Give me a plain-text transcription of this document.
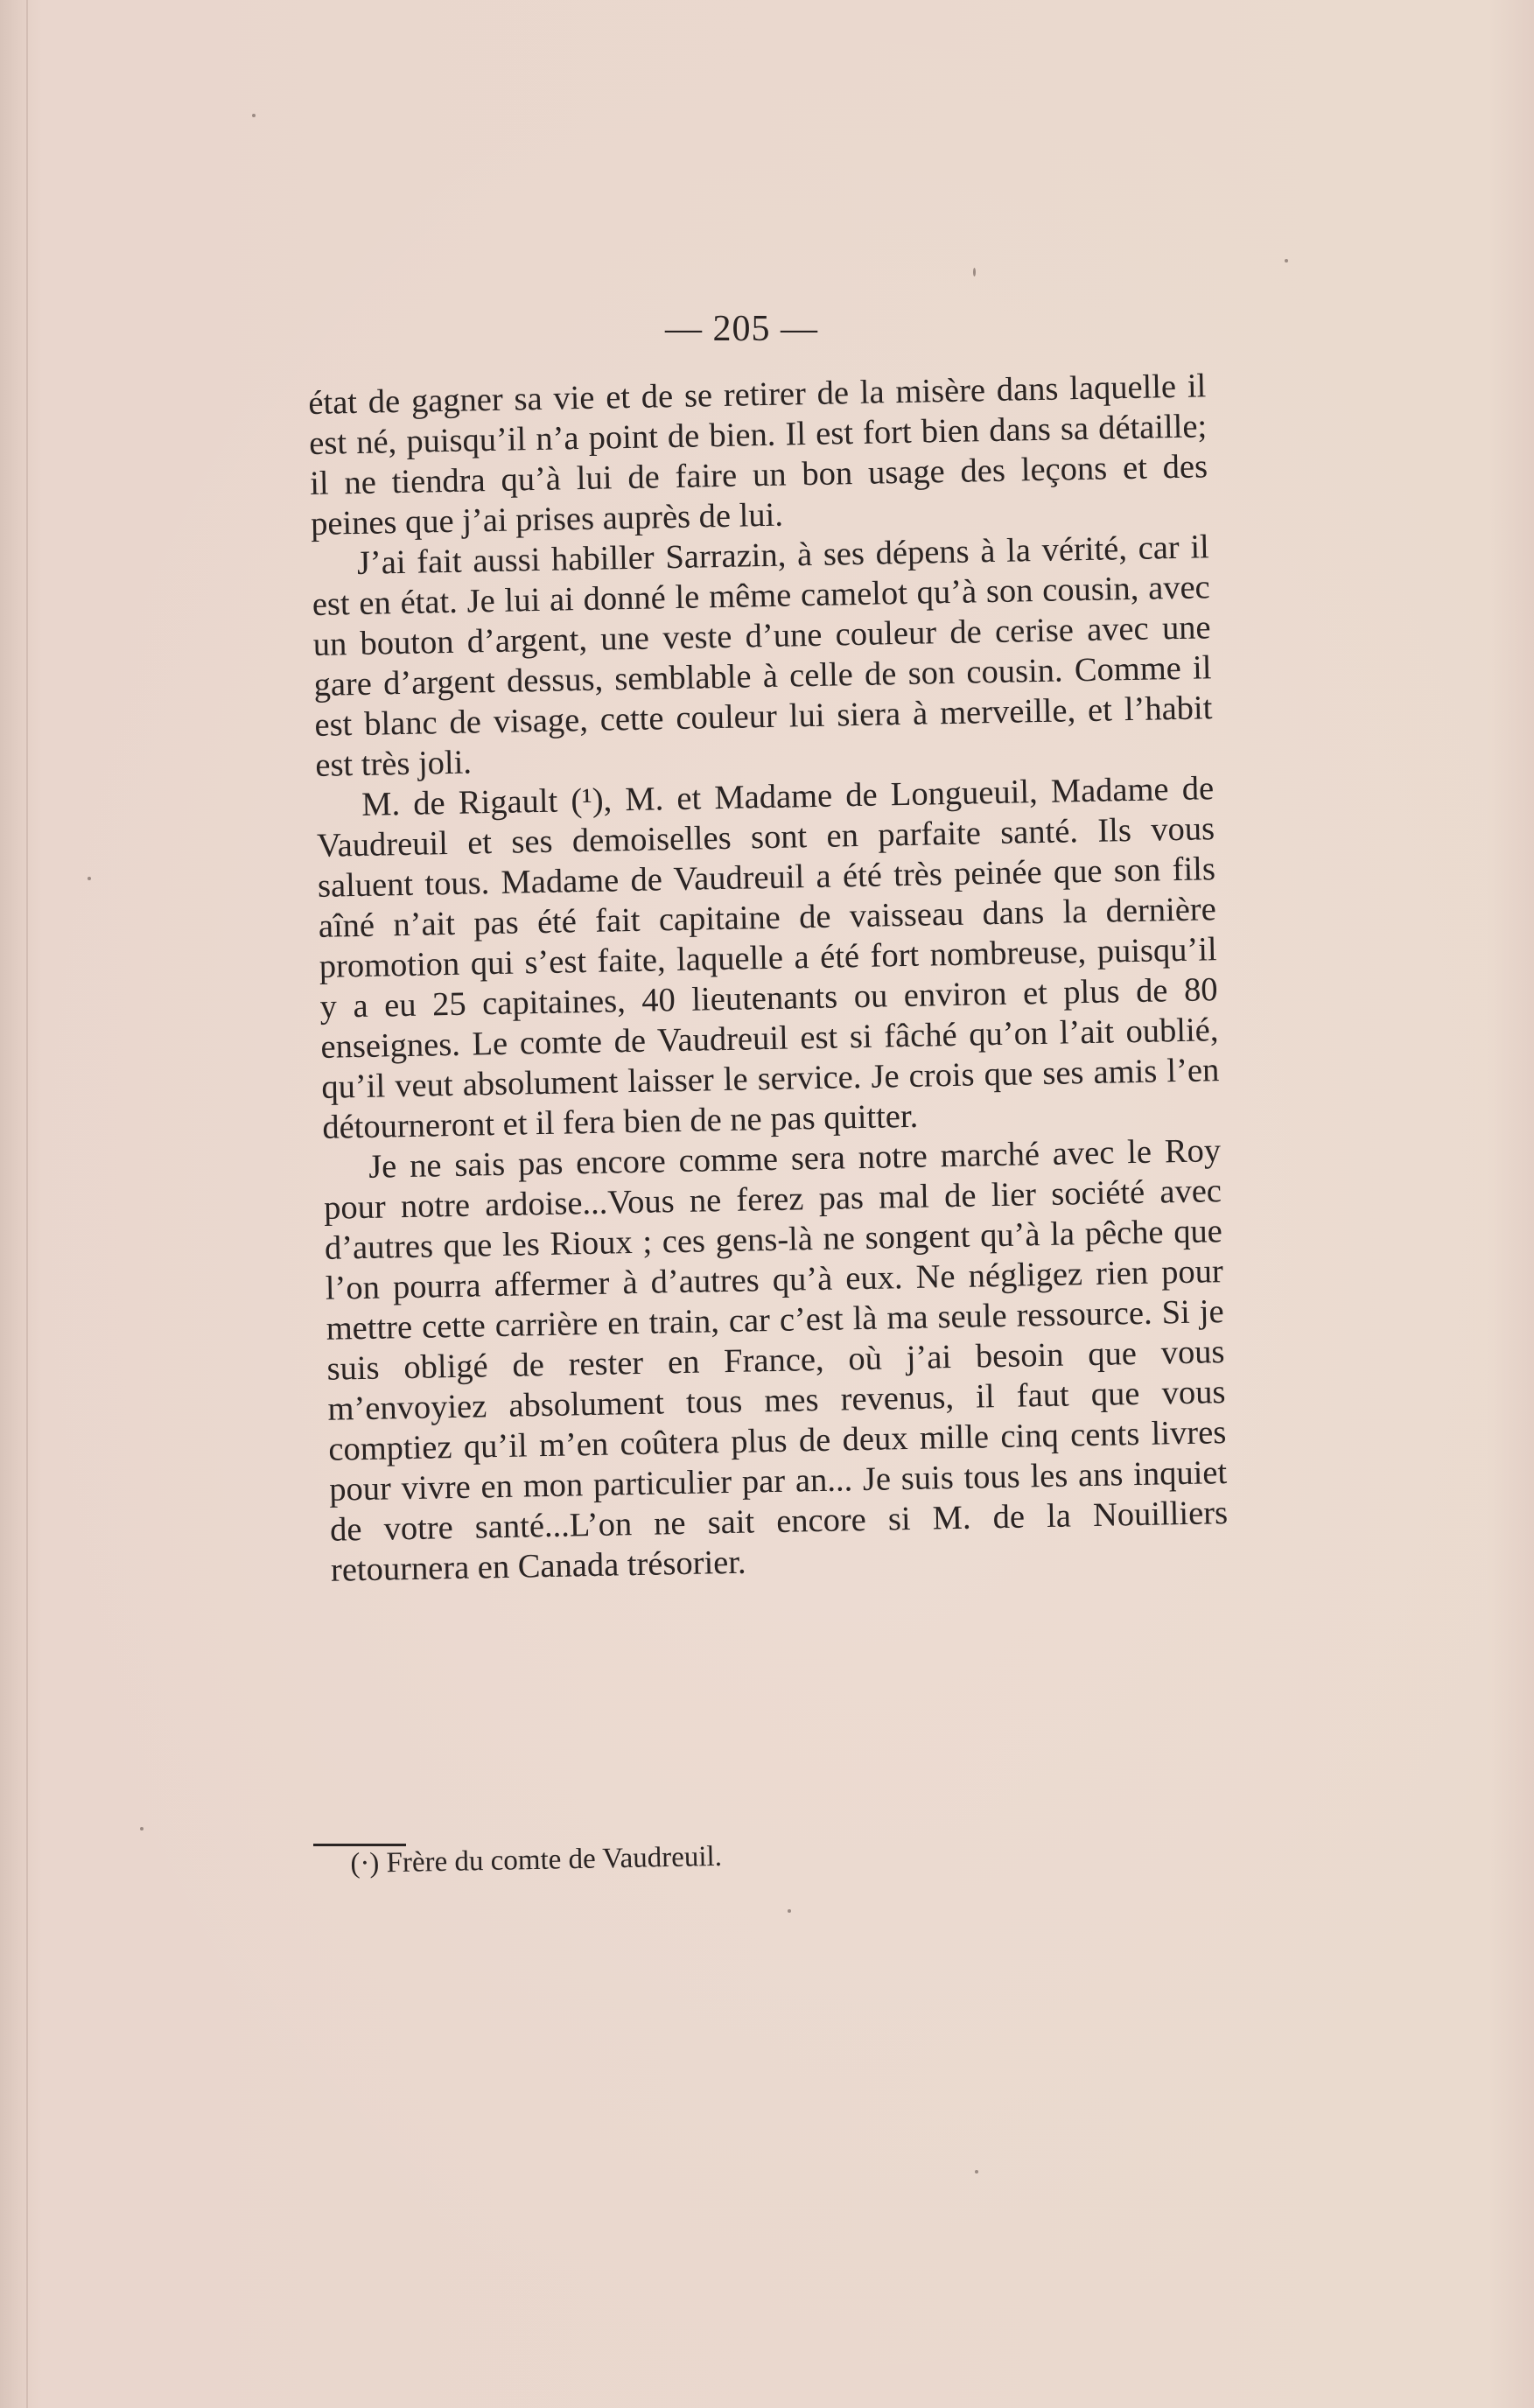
— 205 —

état de gagner sa vie et de se retirer de la misère dans laquelle il est né, puisqu’il n’a point de bien. Il est fort bien dans sa détaille; il ne tiendra qu’à lui de faire un bon usage des leçons et des peines que j’ai prises auprès de lui.

J’ai fait aussi habiller Sarrazin, à ses dépens à la vérité, car il est en état. Je lui ai donné le même camelot qu’à son cousin, avec un bouton d’argent, une veste d’une couleur de cerise avec une gare d’argent dessus, semblable à celle de son cousin. Comme il est blanc de visage, cette couleur lui siera à merveille, et l’habit est très joli.

M. de Rigault (¹), M. et Madame de Longueuil, Madame de Vaudreuil et ses demoiselles sont en parfaite santé. Ils vous saluent tous. Madame de Vaudreuil a été très peinée que son fils aîné n’ait pas été fait capitaine de vaisseau dans la dernière promotion qui s’est faite, laquelle a été fort nombreuse, puisqu’il y a eu 25 capitaines, 40 lieutenants ou environ et plus de 80 enseignes. Le comte de Vaudreuil est si fâché qu’on l’ait oublié, qu’il veut absolument laisser le service. Je crois que ses amis l’en détourneront et il fera bien de ne pas quitter.

Je ne sais pas encore comme sera notre marché avec le Roy pour notre ardoise...Vous ne ferez pas mal de lier société avec d’autres que les Rioux ; ces gens-là ne songent qu’à la pêche que l’on pourra affermer à d’autres qu’à eux. Ne négligez rien pour mettre cette carrière en train, car c’est là ma seule ressource. Si je suis obligé de rester en France, où j’ai besoin que vous m’envoyiez absolument tous mes revenus, il faut que vous comptiez qu’il m’en coûtera plus de deux mille cinq cents livres pour vivre en mon particulier par an... Je suis tous les ans inquiet de votre santé...L’on ne sait encore si M. de la Nouilliers retournera en Canada trésorier.

(·) Frère du comte de Vaudreuil.
